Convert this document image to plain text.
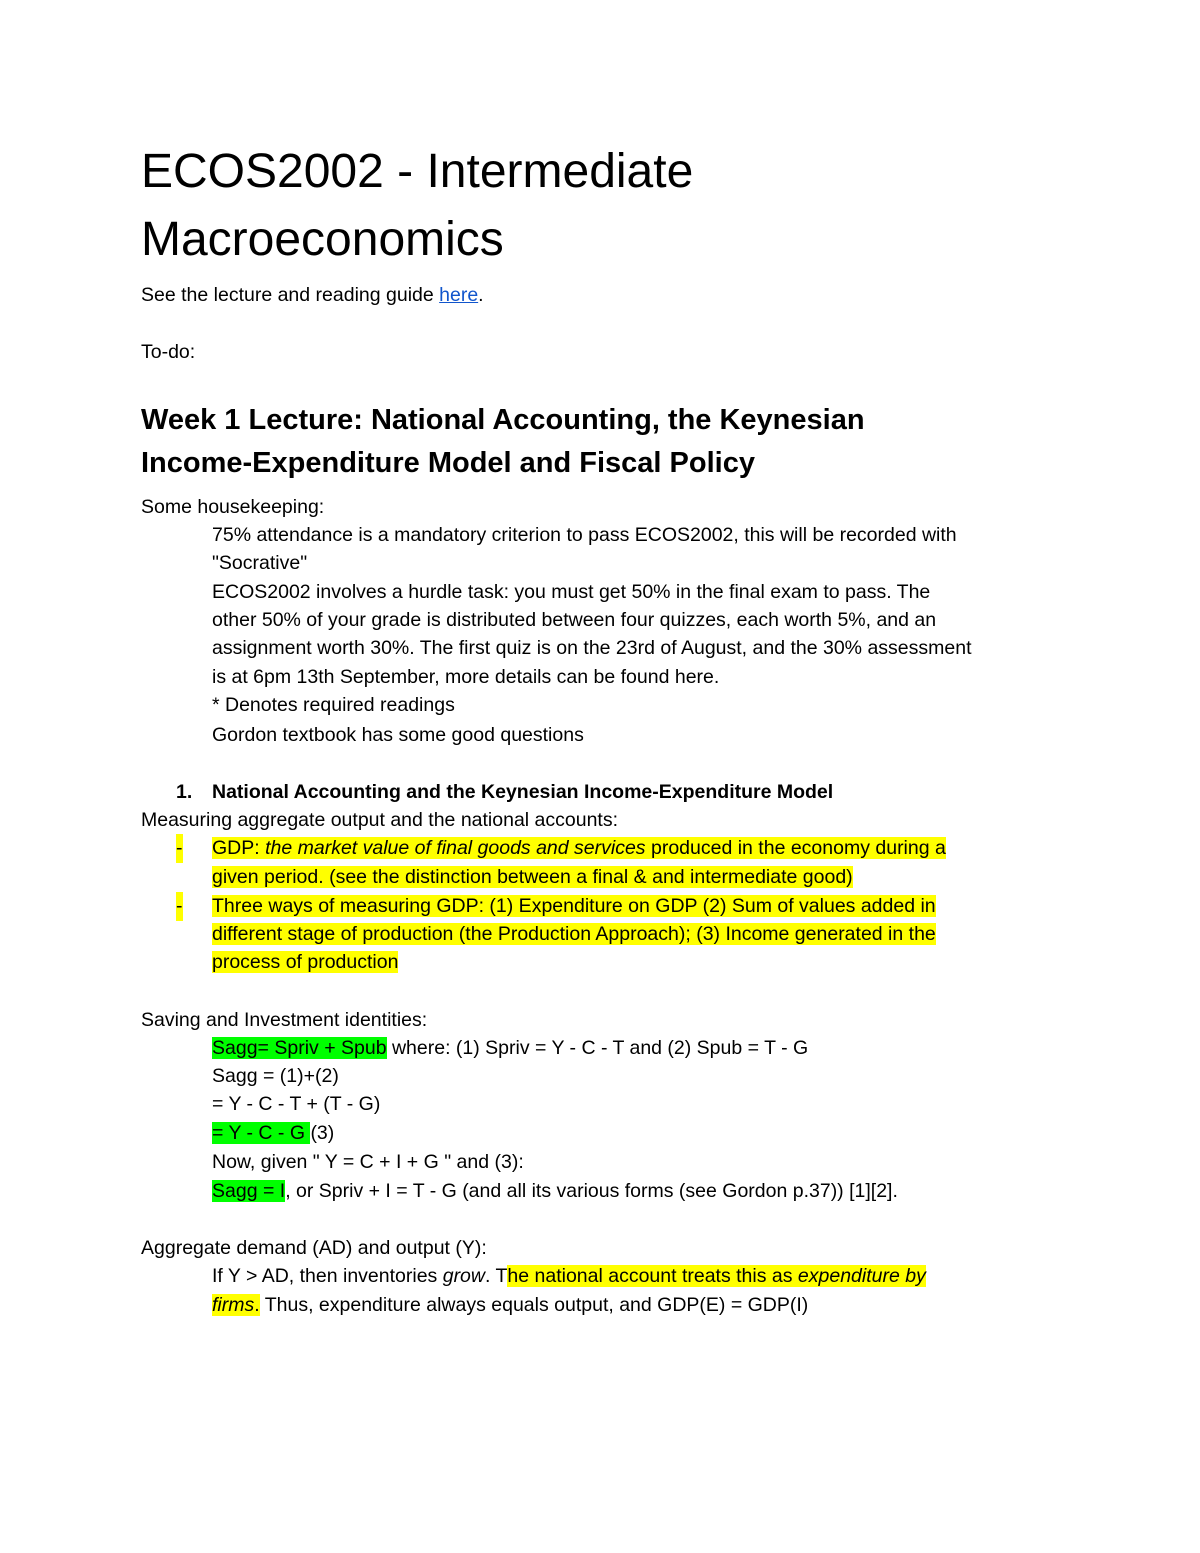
ECOS2002 - Intermediate
Macroeconomics
See the lecture and reading guide here.
To-do:
Week 1 Lecture: National Accounting, the Keynesian
Income-Expenditure Model and Fiscal Policy
Some housekeeping:
75% attendance is a mandatory criterion to pass ECOS2002, this will be recorded with
"Socrative"
ECOS2002 involves a hurdle task: you must get 50% in the final exam to pass. The
other 50% of your grade is distributed between four quizzes, each worth 5%, and an
assignment worth 30%. The first quiz is on the 23rd of August, and the 30% assessment
is at 6pm 13th September, more details can be found here.
* Denotes required readings
Gordon textbook has some good questions
1. National Accounting and the Keynesian Income-Expenditure Model
Measuring aggregate output and the national accounts:
- GDP: the market value of final goods and services produced in the economy during a
given period. (see the distinction between a final & and intermediate good)
- Three ways of measuring GDP: (1) Expenditure on GDP (2) Sum of values added in
different stage of production (the Production Approach); (3) Income generated in the
process of production
Saving and Investment identities:
Sagg= Spriv + Spub where: (1) Spriv = Y - C - T and (2) Spub = T - G
Sagg = (1)+(2)
= Y - C - T + (T - G)
= Y - C - G (3)
Now, given " Y = C + I + G " and (3):
Sagg = I, or Spriv + I = T - G (and all its various forms (see Gordon p.37)) [1][2].
Aggregate demand (AD) and output (Y):
If Y > AD, then inventories grow. The national account treats this as expenditure by
firms. Thus, expenditure always equals output, and GDP(E) = GDP(I)
